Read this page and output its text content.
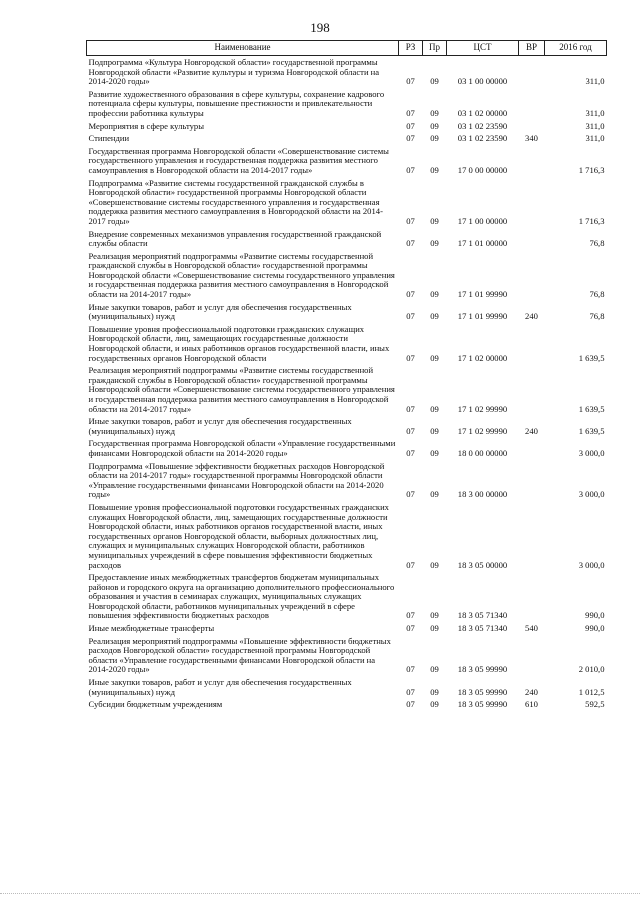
198
Наименование	РЗ	Пр	ЦСТ	ВР	2016 год
Подпрограмма «Культура Новгородской области» государственной программы Новгородской области «Развитие культуры и туризма Новгородской области на 2014-2020 годы»	07	09	03 1 00 00000		311,0
Развитие художественного образования в сфере культуры, сохранение кадрового потенциала сферы культуры, повышение престижности и привлекательности профессии работника культуры	07	09	03 1 02 00000		311,0
Мероприятия в сфере культуры	07	09	03 1 02 23590		311,0
Стипендии	07	09	03 1 02 23590	340	311,0
Государственная программа Новгородской области «Совершенствование системы государственного управления и государственная поддержка развития местного самоуправления в Новгородской области на 2014-2017 годы»	07	09	17 0 00 00000		1 716,3
Подпрограмма «Развитие системы государственной гражданской службы в Новгородской области» государственной программы Новгородской области «Совершенствование системы государственного управления и государственная поддержка развития местного самоуправления в Новгородской области на 2014-2017 годы»	07	09	17 1 00 00000		1 716,3
Внедрение современных механизмов управления государственной гражданской службы области	07	09	17 1 01 00000		76,8
Реализация мероприятий подпрограммы «Развитие системы государственной гражданской службы в Новгородской области» государственной программы Новгородской области «Совершенствование системы государственного управления и государственная поддержка развития местного самоуправления в Новгородской области на 2014-2017 годы»	07	09	17 1 01 99990		76,8
Иные закупки товаров, работ и услуг для обеспечения государственных (муниципальных) нужд	07	09	17 1 01 99990	240	76,8
Повышение уровня профессиональной подготовки гражданских служащих Новгородской области, лиц, замещающих государственные должности Новгородской области, и иных работников органов государственной власти, иных государственных органов Новгородской области	07	09	17 1 02 00000		1 639,5
Реализация мероприятий подпрограммы «Развитие системы государственной гражданской службы в Новгородской области» государственной программы Новгородской области «Совершенствование системы государственного управления и государственная поддержка развития местного самоуправления в Новгородской области на 2014-2017 годы»	07	09	17 1 02 99990		1 639,5
Иные закупки товаров, работ и услуг для обеспечения государственных (муниципальных) нужд	07	09	17 1 02 99990	240	1 639,5
Государственная программа Новгородской области «Управление государственными финансами Новгородской области на 2014-2020 годы»	07	09	18 0 00 00000		3 000,0
Подпрограмма «Повышение эффективности бюджетных расходов Новгородской области на 2014-2017 годы» государственной программы Новгородской области «Управление государственными финансами Новгородской области на 2014-2020 годы»	07	09	18 3 00 00000		3 000,0
Повышение уровня профессиональной подготовки государственных гражданских служащих Новгородской области, лиц, замещающих государственные должности Новгородской области, иных работников органов государственной власти, иных государственных органов Новгородской области, выборных должностных лиц, служащих и муниципальных служащих Новгородской области, работников муниципальных учреждений в сфере повышения эффективности бюджетных расходов	07	09	18 3 05 00000		3 000,0
Предоставление иных межбюджетных трансфертов бюджетам муниципальных районов и городского округа на организацию дополнительного профессионального образования и участия в семинарах служащих, муниципальных служащих Новгородской области, работников муниципальных учреждений в сфере повышения эффективности бюджетных расходов	07	09	18 3 05 71340		990,0
Иные межбюджетные трансферты	07	09	18 3 05 71340	540	990,0
Реализация мероприятий подпрограммы «Повышение эффективности бюджетных расходов Новгородской области» государственной программы Новгородской области «Управление государственными финансами Новгородской области на 2014-2020 годы»	07	09	18 3 05 99990		2 010,0
Иные закупки товаров, работ и услуг для обеспечения государственных (муниципальных) нужд	07	09	18 3 05 99990	240	1 012,5
Субсидии бюджетным учреждениям	07	09	18 3 05 99990	610	592,5
